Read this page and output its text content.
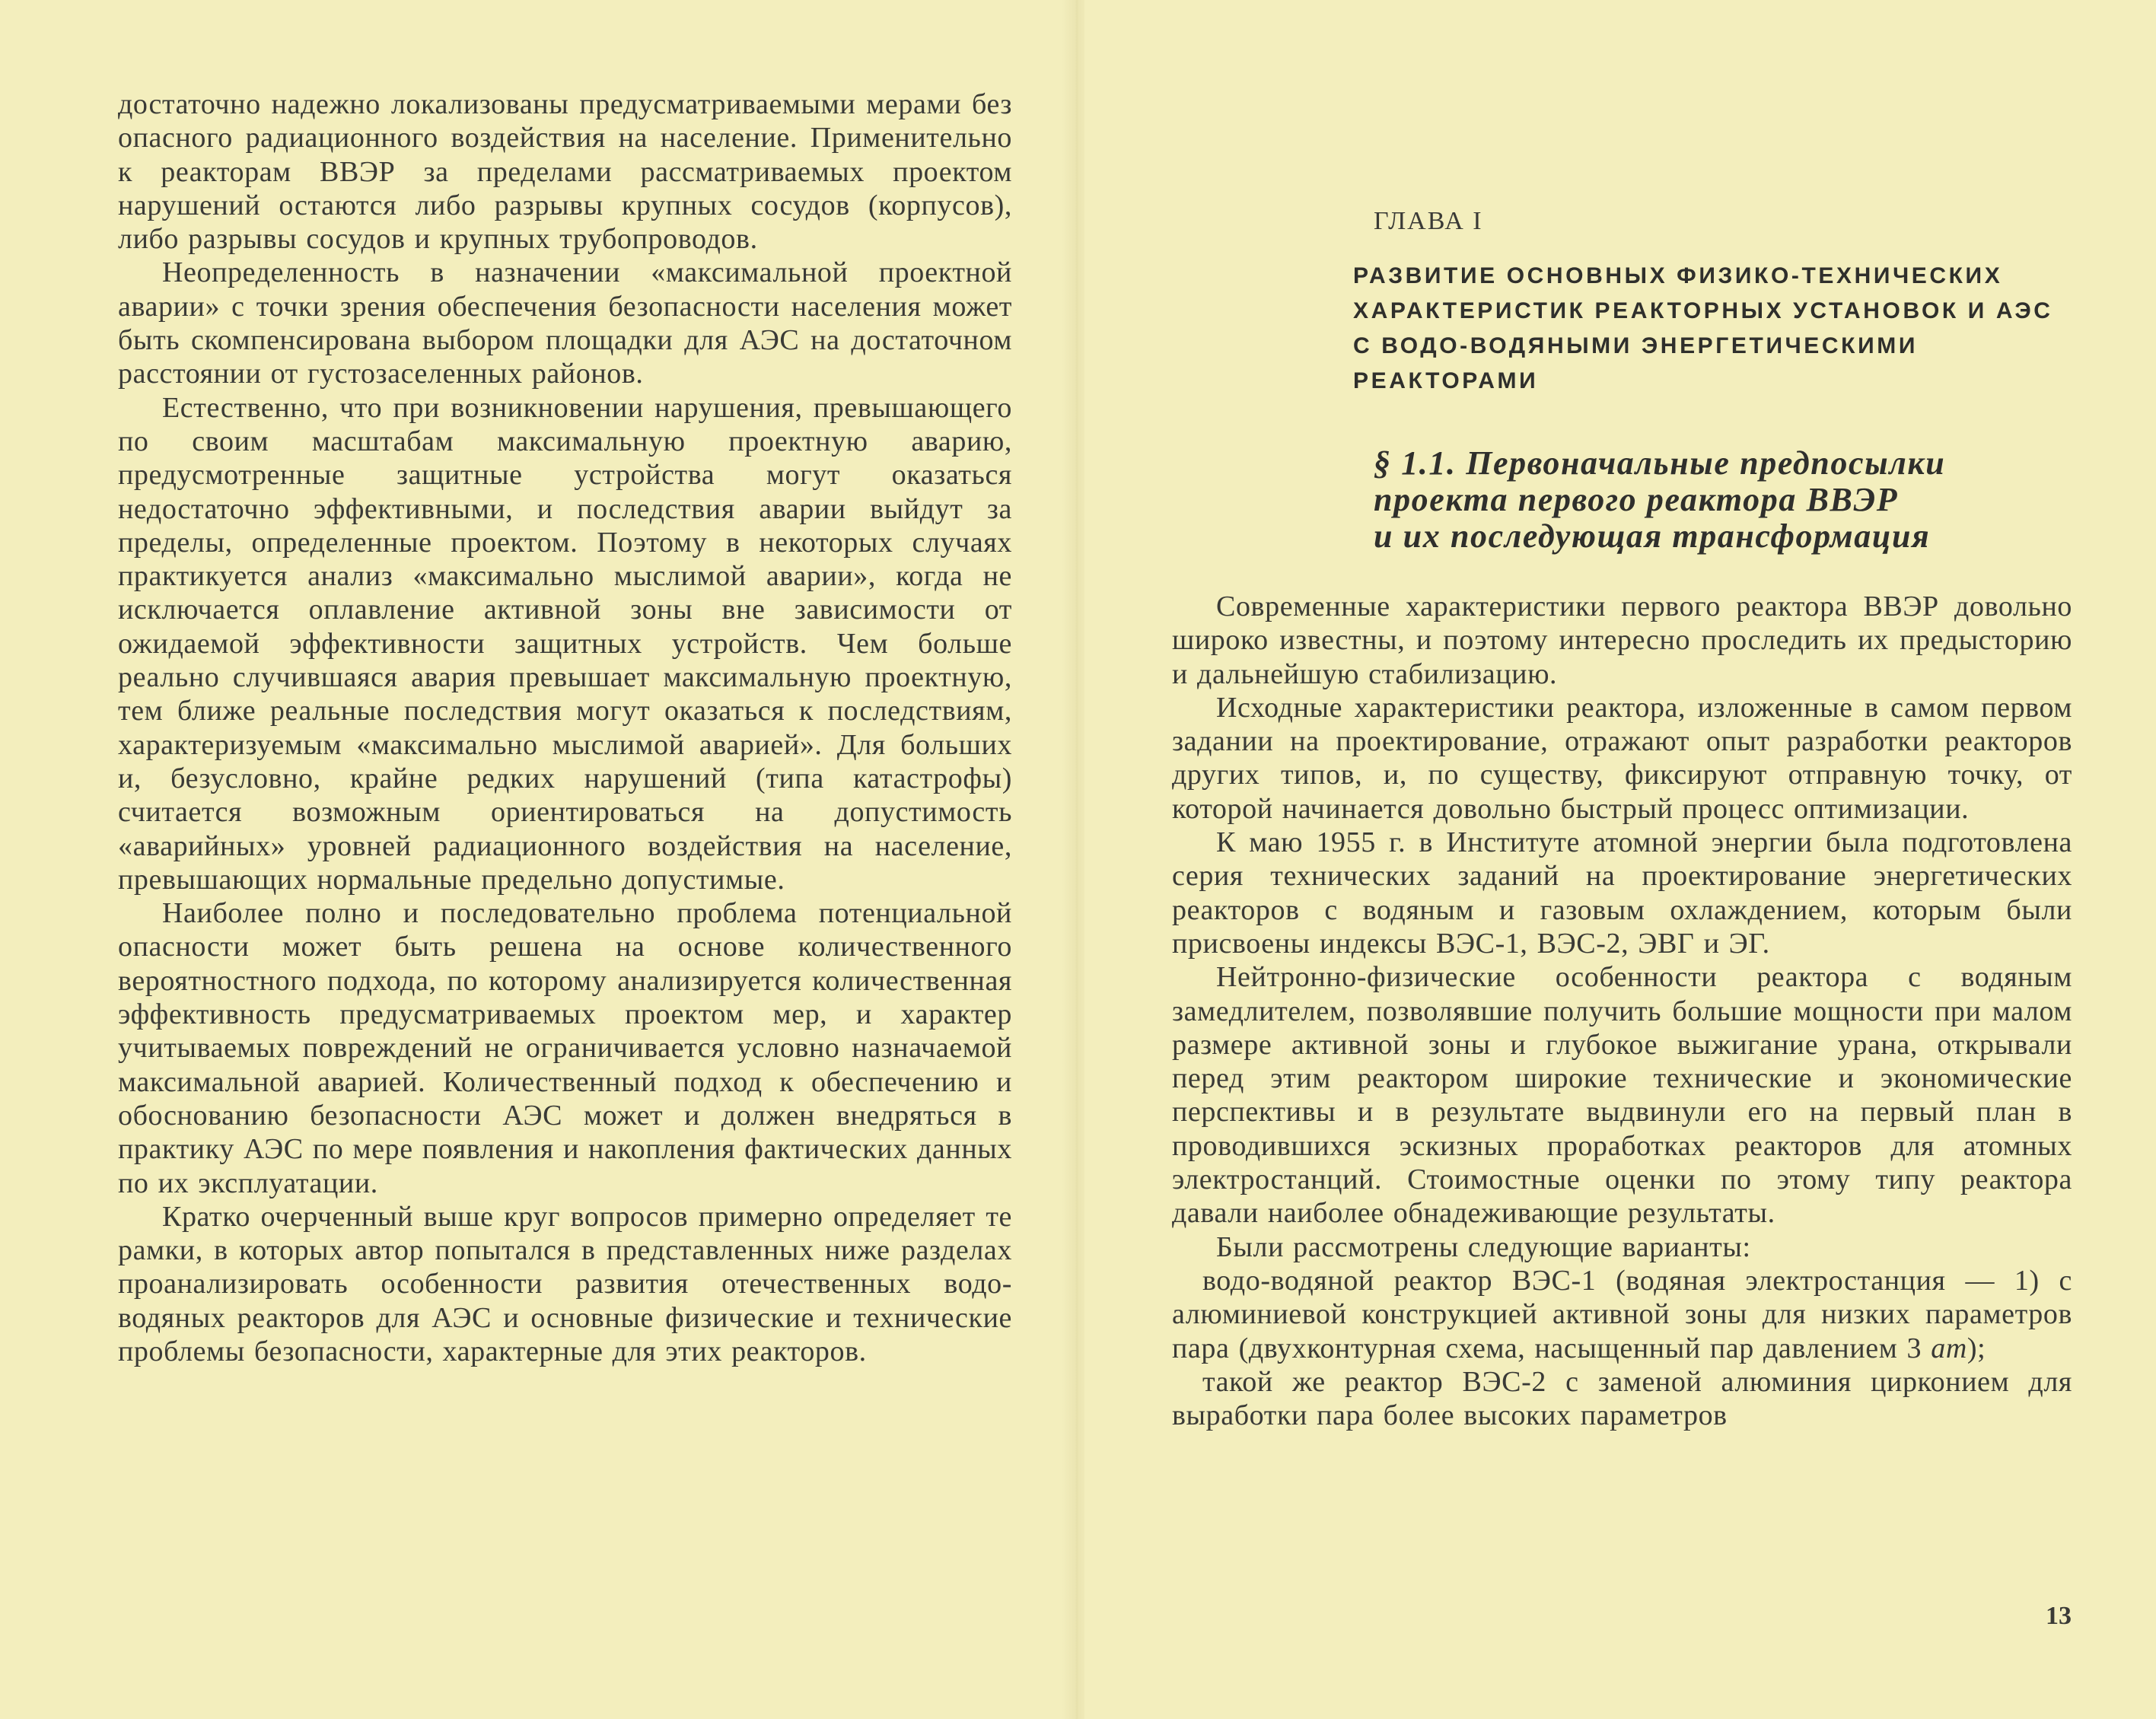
достаточно надежно локализованы предусматриваемыми мерами без опасного радиационного воздействия на население. Применительно к реакторам ВВЭР за пределами рассматриваемых проектом нарушений остаются либо разрывы крупных сосудов (корпусов), либо разрывы сосудов и крупных трубопроводов.

Неопределенность в назначении «максимальной проектной аварии» с точки зрения обеспечения безопасности населения может быть скомпенсирована выбором площадки для АЭС на достаточном расстоянии от густозаселенных районов.

Естественно, что при возникновении нарушения, превышающего по своим масштабам максимальную проектную аварию, предусмотренные защитные устройства могут оказаться недостаточно эффективными, и последствия аварии выйдут за пределы, определенные проектом. Поэтому в некоторых случаях практикуется анализ «максимально мыслимой аварии», когда не исключается оплавление активной зоны вне зависимости от ожидаемой эффективности защитных устройств. Чем больше реально случившаяся авария превышает максимальную проектную, тем ближе реальные последствия могут оказаться к последствиям, характеризуемым «максимально мыслимой аварией». Для больших и, безусловно, крайне редких нарушений (типа катастрофы) считается возможным ориентироваться на допустимость «аварийных» уровней радиационного воздействия на население, превышающих нормальные предельно допустимые.

Наиболее полно и последовательно проблема потенциальной опасности может быть решена на основе количественного вероятностного подхода, по которому анализируется количественная эффективность предусматриваемых проектом мер, и характер учитываемых повреждений не ограничивается условно назначаемой максимальной аварией. Количественный подход к обеспечению и обоснованию безопасности АЭС может и должен внедряться в практику АЭС по мере появления и накопления фактических данных по их эксплуатации.

Кратко очерченный выше круг вопросов примерно определяет те рамки, в которых автор попытался в представленных ниже разделах проанализировать особенности развития отечественных водо-водяных реакторов для АЭС и основные физические и технические проблемы безопасности, характерные для этих реакторов.

ГЛАВА I

РАЗВИТИЕ ОСНОВНЫХ ФИЗИКО-ТЕХНИЧЕСКИХ ХАРАКТЕРИСТИК РЕАКТОРНЫХ УСТАНОВОК И АЭС С ВОДО-ВОДЯНЫМИ ЭНЕРГЕТИЧЕСКИМИ РЕАКТОРАМИ

§ 1.1. Первоначальные предпосылки
проекта первого реактора ВВЭР
и их последующая трансформация

Современные характеристики первого реактора ВВЭР довольно широко известны, и поэтому интересно проследить их предысторию и дальнейшую стабилизацию.

Исходные характеристики реактора, изложенные в самом первом задании на проектирование, отражают опыт разработки реакторов других типов, и, по существу, фиксируют отправную точку, от которой начинается довольно быстрый процесс оптимизации.

К маю 1955 г. в Институте атомной энергии была подготовлена серия технических заданий на проектирование энергетических реакторов с водяным и газовым охлаждением, которым были присвоены индексы ВЭС-1, ВЭС-2, ЭВГ и ЭГ.

Нейтронно-физические особенности реактора с водяным замедлителем, позволявшие получить большие мощности при малом размере активной зоны и глубокое выжигание урана, открывали перед этим реактором широкие технические и экономические перспективы и в результате выдвинули его на первый план в проводившихся эскизных проработках реакторов для атомных электростанций. Стоимостные оценки по этому типу реактора давали наиболее обнадеживающие результаты.

Были рассмотрены следующие варианты:

водо-водяной реактор ВЭС-1 (водяная электростанция — 1) с алюминиевой конструкцией активной зоны для низких параметров пара (двухконтурная схема, насыщенный пар давлением 3 ат);

такой же реактор ВЭС-2 с заменой алюминия цирконием для выработки пара более высоких параметров

13
